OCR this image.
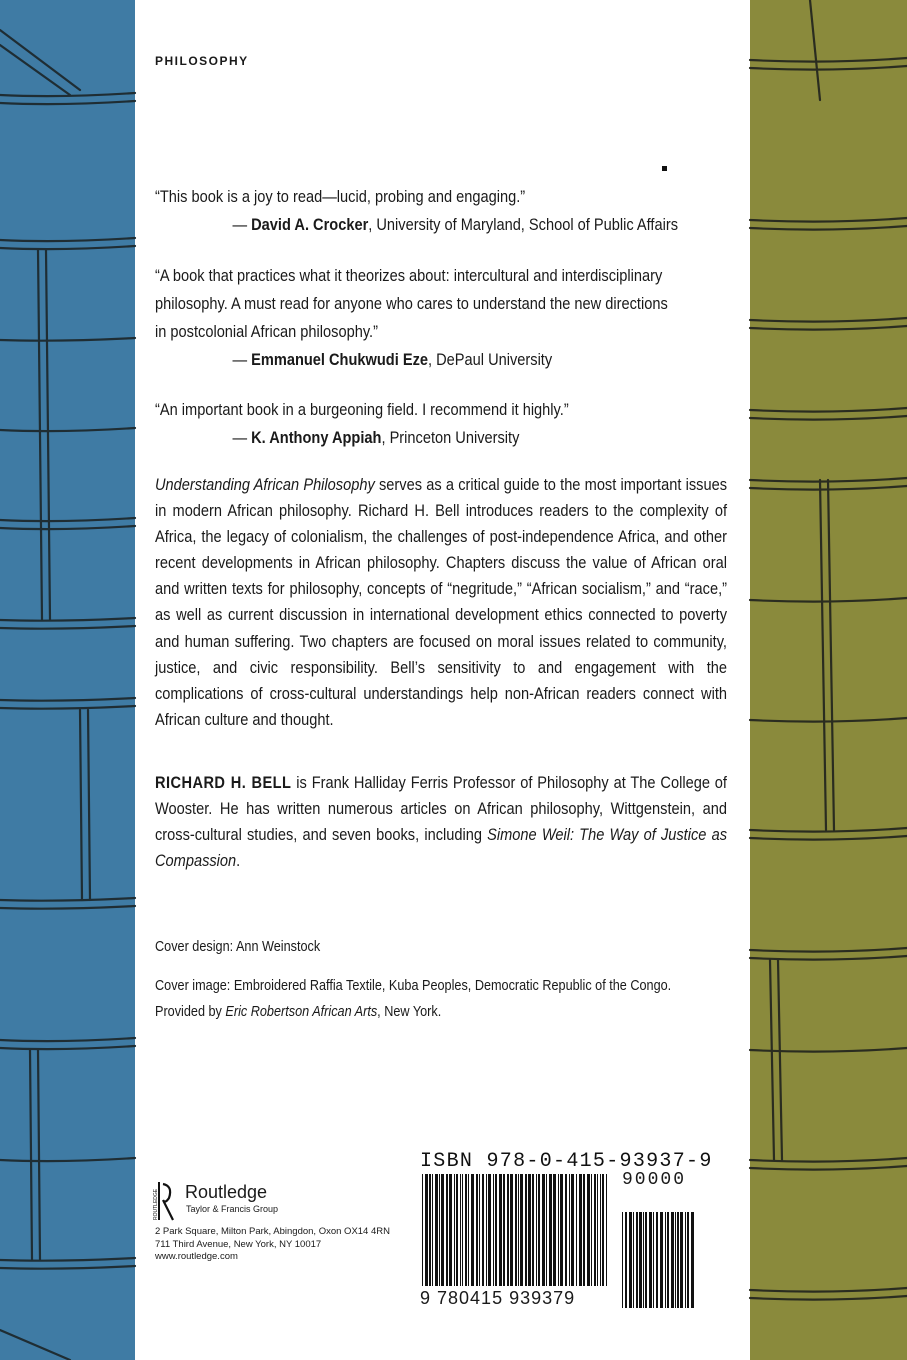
PHILOSOPHY
“This book is a joy to read—lucid, probing and engaging.”
— David A. Crocker, University of Maryland, School of Public Affairs
“A book that practices what it theorizes about: intercultural and interdisciplinary
philosophy. A must read for anyone who cares to understand the new directions
in postcolonial African philosophy.”
— Emmanuel Chukwudi Eze, DePaul University
“An important book in a burgeoning field. I recommend it highly.”
— K. Anthony Appiah, Princeton University
Understanding African Philosophy serves as a critical guide to the most important issues in modern African philosophy. Richard H. Bell introduces readers to the complexity of Africa, the legacy of colonialism, the challenges of post-independence Africa, and other recent developments in African philosophy. Chapters discuss the value of African oral and written texts for philosophy, concepts of “negritude,” “African socialism,” and “race,” as well as current discussion in international development ethics connected to poverty and human suffering. Two chapters are focused on moral issues related to community, justice, and civic responsibility. Bell’s sensitivity to and engagement with the complications of cross-cultural understandings help non-African readers connect with African culture and thought.
RICHARD H. BELL is Frank Halliday Ferris Professor of Philosophy at The College of Wooster. He has written numerous articles on African philosophy, Wittgenstein, and cross-cultural studies, and seven books, including Simone Weil: The Way of Justice as Compassion.
Cover design: Ann Weinstock
Cover image: Embroidered Raffia Textile, Kuba Peoples, Democratic Republic of the Congo.
Provided by Eric Robertson African Arts, New York.
ROUTLEDGE Routledge
Taylor & Francis Group
2 Park Square, Milton Park, Abingdon, Oxon OX14 4RN
711 Third Avenue, New York, NY 10017
www.routledge.com
ISBN 978-0-415-93937-9
90000
9 780415 939379
